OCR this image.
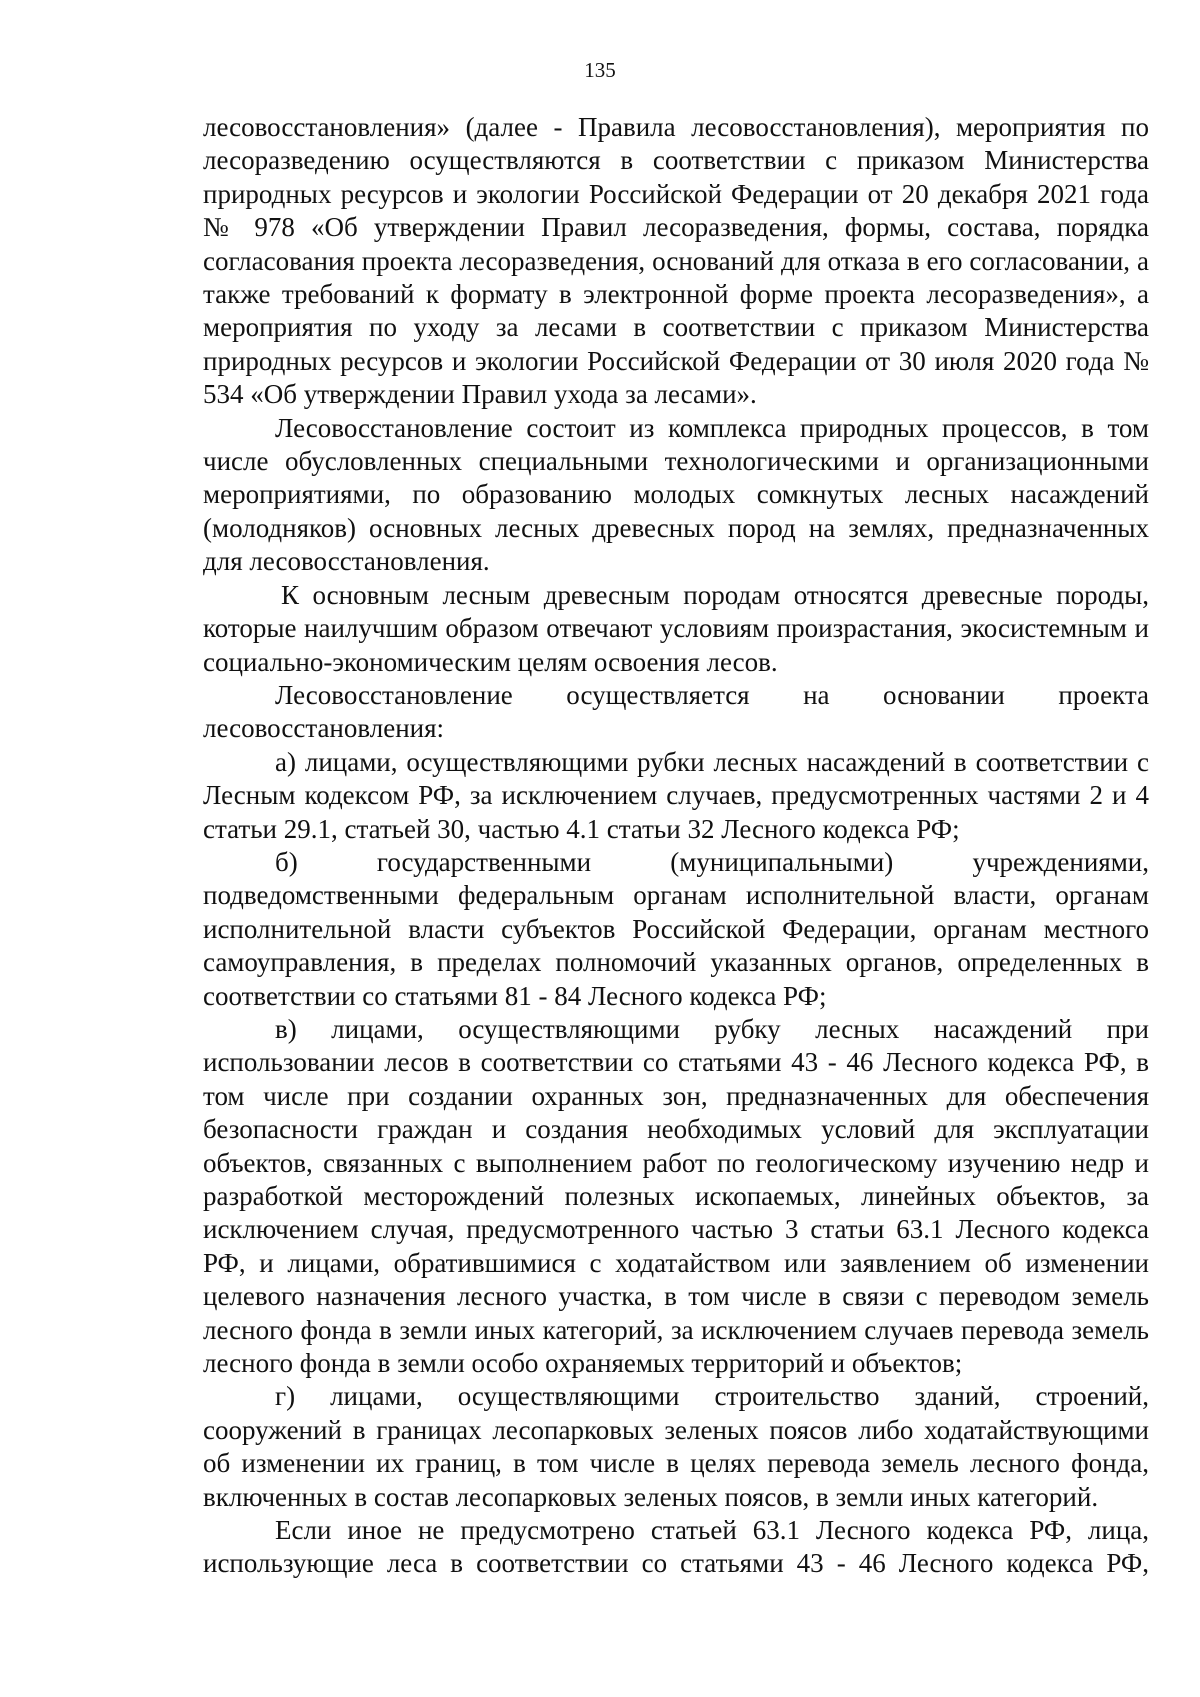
135

лесовосстановления» (далее - Правила лесовосстановления), мероприятия по лесоразведению осуществляются в соответствии с приказом Министерства природных ресурсов и экологии Российской Федерации от 20 декабря 2021 года № 978 «Об утверждении Правил лесоразведения, формы, состава, порядка согласования проекта лесоразведения, оснований для отказа в его согласовании, а также требований к формату в электронной форме проекта лесоразведения», а мероприятия по уходу за лесами в соответствии с приказом Министерства природных ресурсов и экологии Российской Федерации от 30 июля 2020 года № 534 «Об утверждении Правил ухода за лесами».

Лесовосстановление состоит из комплекса природных процессов, в том числе обусловленных специальными технологическими и организационными мероприятиями, по образованию молодых сомкнутых лесных насаждений (молодняков) основных лесных древесных пород на землях, предназначенных для лесовосстановления.

К основным лесным древесным породам относятся древесные породы, которые наилучшим образом отвечают условиям произрастания, экосистемным и социально-экономическим целям освоения лесов.

Лесовосстановление осуществляется на основании проекта лесовосстановления:

а) лицами, осуществляющими рубки лесных насаждений в соответствии с Лесным кодексом РФ, за исключением случаев, предусмотренных частями 2 и 4 статьи 29.1, статьей 30, частью 4.1 статьи 32 Лесного кодекса РФ;

б) государственными (муниципальными) учреждениями, подведомственными федеральным органам исполнительной власти, органам исполнительной власти субъектов Российской Федерации, органам местного самоуправления, в пределах полномочий указанных органов, определенных в соответствии со статьями 81 - 84 Лесного кодекса РФ;

в) лицами, осуществляющими рубку лесных насаждений при использовании лесов в соответствии со статьями 43 - 46 Лесного кодекса РФ, в том числе при создании охранных зон, предназначенных для обеспечения безопасности граждан и создания необходимых условий для эксплуатации объектов, связанных с выполнением работ по геологическому изучению недр и разработкой месторождений полезных ископаемых, линейных объектов, за исключением случая, предусмотренного частью 3 статьи 63.1 Лесного кодекса РФ, и лицами, обратившимися с ходатайством или заявлением об изменении целевого назначения лесного участка, в том числе в связи с переводом земель лесного фонда в земли иных категорий, за исключением случаев перевода земель лесного фонда в земли особо охраняемых территорий и объектов;

г) лицами, осуществляющими строительство зданий, строений, сооружений в границах лесопарковых зеленых поясов либо ходатайствующими об изменении их границ, в том числе в целях перевода земель лесного фонда, включенных в состав лесопарковых зеленых поясов, в земли иных категорий.

Если иное не предусмотрено статьей 63.1 Лесного кодекса РФ, лица, использующие леса в соответствии со статьями 43 - 46 Лесного кодекса РФ,
